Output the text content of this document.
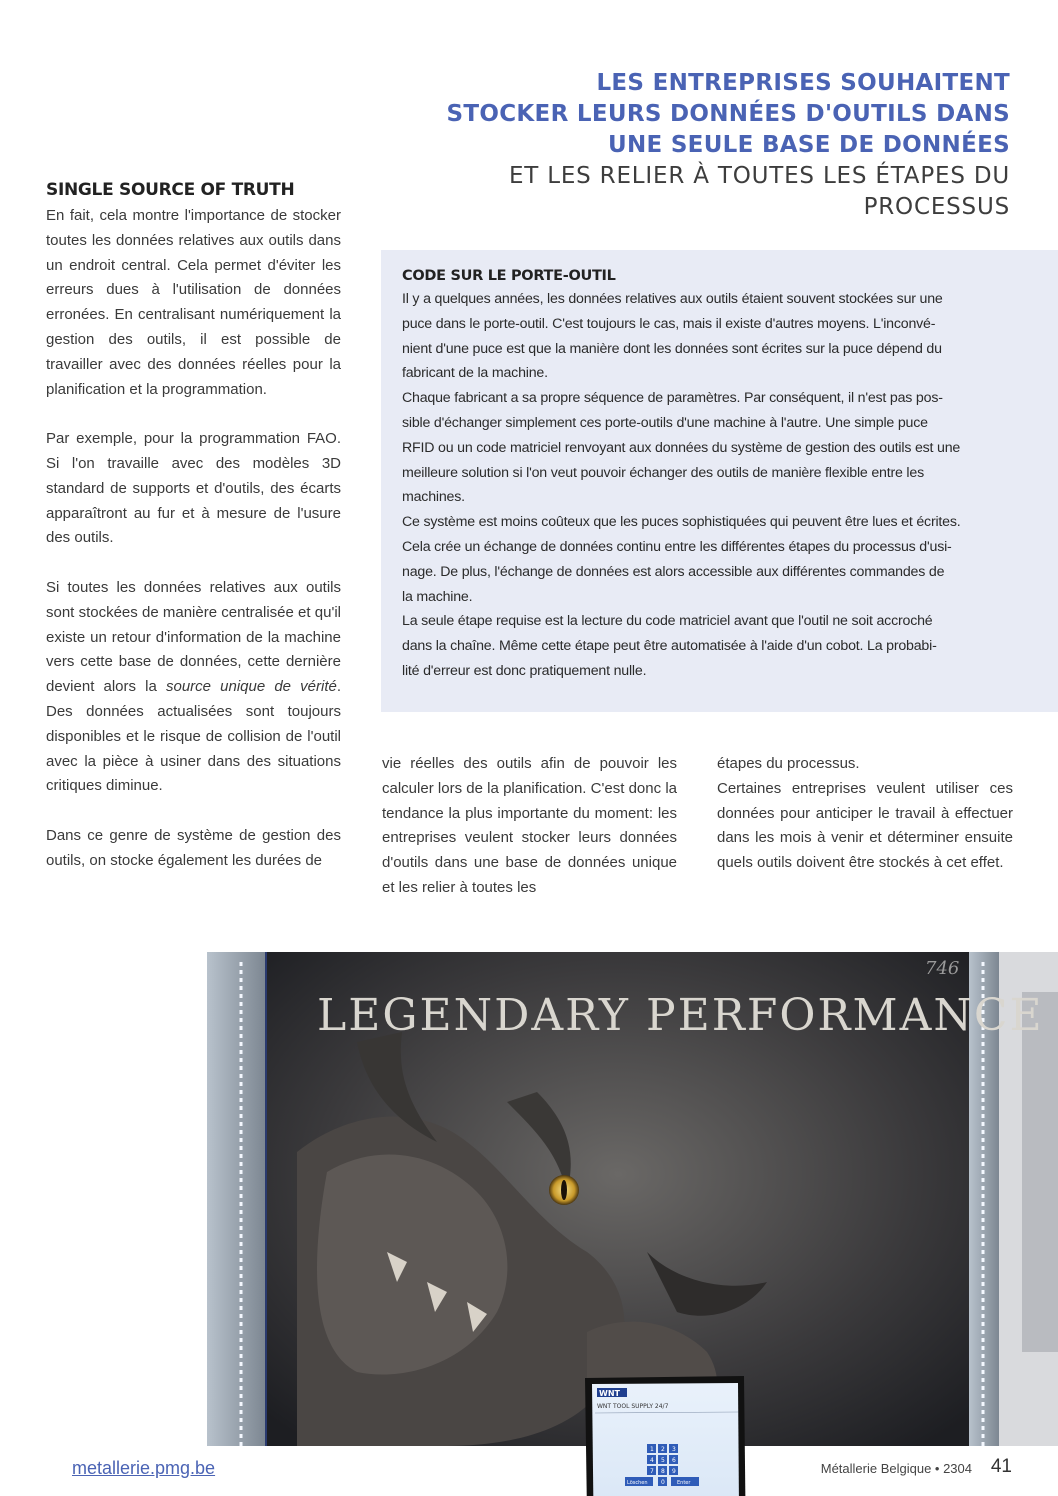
LES ENTREPRISES SOUHAITENT
STOCKER LEURS DONNÉES D'OUTILS DANS
UNE SEULE BASE DE DONNÉES
ET LES RELIER À TOUTES LES ÉTAPES DU
PROCESSUS
SINGLE SOURCE OF TRUTH

En fait, cela montre l'importance de stocker toutes les données relatives aux outils dans un endroit central. Cela permet d'éviter les erreurs dues à l'utilisation de données erronées. En centralisant numériquement la gestion des outils, il est possible de travailler avec des données réelles pour la planification et la programmation.

Par exemple, pour la programmation FAO. Si l'on travaille avec des modèles 3D standard de supports et d'outils, des écarts apparaîtront au fur et à mesure de l'usure des outils.

Si toutes les données relatives aux outils sont stockées de manière centralisée et qu'il existe un retour d'information de la machine vers cette base de données, cette dernière devient alors la source unique de vérité. Des données actualisées sont toujours disponibles et le risque de collision de l'outil avec la pièce à usiner dans des situations critiques diminue.

Dans ce genre de système de gestion des outils, on stocke également les durées de

CODE SUR LE PORTE-OUTIL

Il y a quelques années, les données relatives aux outils étaient souvent stockées sur une

puce dans le porte-outil. C'est toujours le cas, mais il existe d'autres moyens. L'inconvé-

nient d'une puce est que la manière dont les données sont écrites sur la puce dépend du

fabricant de la machine.

Chaque fabricant a sa propre séquence de paramètres. Par conséquent, il n'est pas pos-

sible d'échanger simplement ces porte-outils d'une machine à l'autre. Une simple puce

RFID ou un code matriciel renvoyant aux données du système de gestion des outils est une

meilleure solution si l'on veut pouvoir échanger des outils de manière flexible entre les

machines.

Ce système est moins coûteux que les puces sophistiquées qui peuvent être lues et écrites.

Cela crée un échange de données continu entre les différentes étapes du processus d'usi-

nage. De plus, l'échange de données est alors accessible aux différentes commandes de

la machine.

La seule étape requise est la lecture du code matriciel avant que l'outil ne soit accroché

dans la chaîne. Même cette étape peut être automatisée à l'aide d'un cobot. La probabi-

lité d'erreur est donc pratiquement nulle.

vie réelles des outils afin de pouvoir les calculer lors de la planification. C'est donc la tendance la plus importante du moment: les entreprises veulent stocker leurs données d'outils dans une base de données unique et les relier à toutes les

étapes du processus.

Certaines entreprises veulent utiliser ces données pour anticiper le travail à effectuer dans les mois à venir et déterminer ensuite quels outils doivent être stockés à cet effet.

746
LEGENDARY PERFORMANCE
WNT
WNT TOOL SUPPLY 24/7
1 2 3
4 5 6
7 8 9
Löschen 0 Enter
metallerie.pmg.be	Métallerie Belgique • 2304 41
